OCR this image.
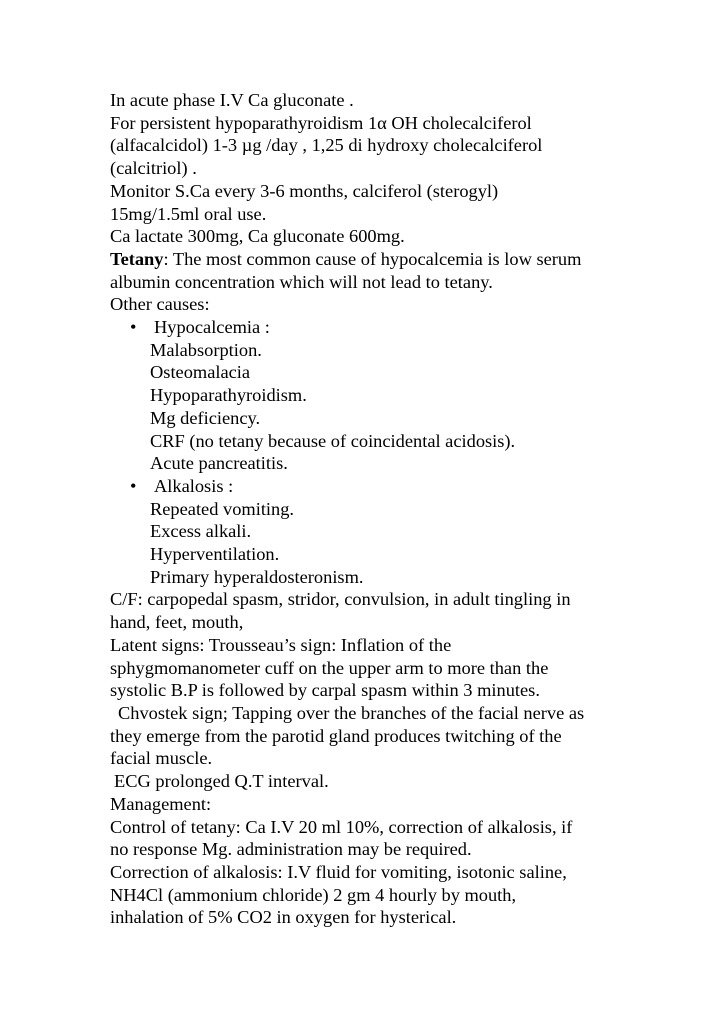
In acute phase I.V Ca gluconate .
For persistent hypoparathyroidism 1α OH cholecalciferol
(alfacalcidol) 1-3 µg /day , 1,25 di hydroxy cholecalciferol
(calcitriol) .
Monitor S.Ca every 3-6 months, calciferol (sterogyl)
15mg/1.5ml oral use.
Ca lactate 300mg, Ca gluconate 600mg.
Tetany: The most common cause of hypocalcemia is low serum
albumin concentration which will not lead to tetany.
Other causes:
• Hypocalcemia :
Malabsorption.
Osteomalacia
Hypoparathyroidism.
Mg deficiency.
CRF (no tetany because of coincidental acidosis).
Acute pancreatitis.
• Alkalosis :
Repeated vomiting.
Excess alkali.
Hyperventilation.
Primary hyperaldosteronism.
C/F: carpopedal spasm, stridor, convulsion, in adult tingling in
hand, feet, mouth,
Latent signs: Trousseau’s sign: Inflation of the
sphygmomanometer cuff on the upper arm to more than the
systolic B.P is followed by carpal spasm within 3 minutes.
Chvostek sign; Tapping over the branches of the facial nerve as
they emerge from the parotid gland produces twitching of the
facial muscle.
ECG prolonged Q.T interval.
Management:
Control of tetany: Ca I.V 20 ml 10%, correction of alkalosis, if
no response Mg. administration may be required.
Correction of alkalosis: I.V fluid for vomiting, isotonic saline,
NH4Cl (ammonium chloride) 2 gm 4 hourly by mouth,
inhalation of 5% CO2 in oxygen for hysterical.
